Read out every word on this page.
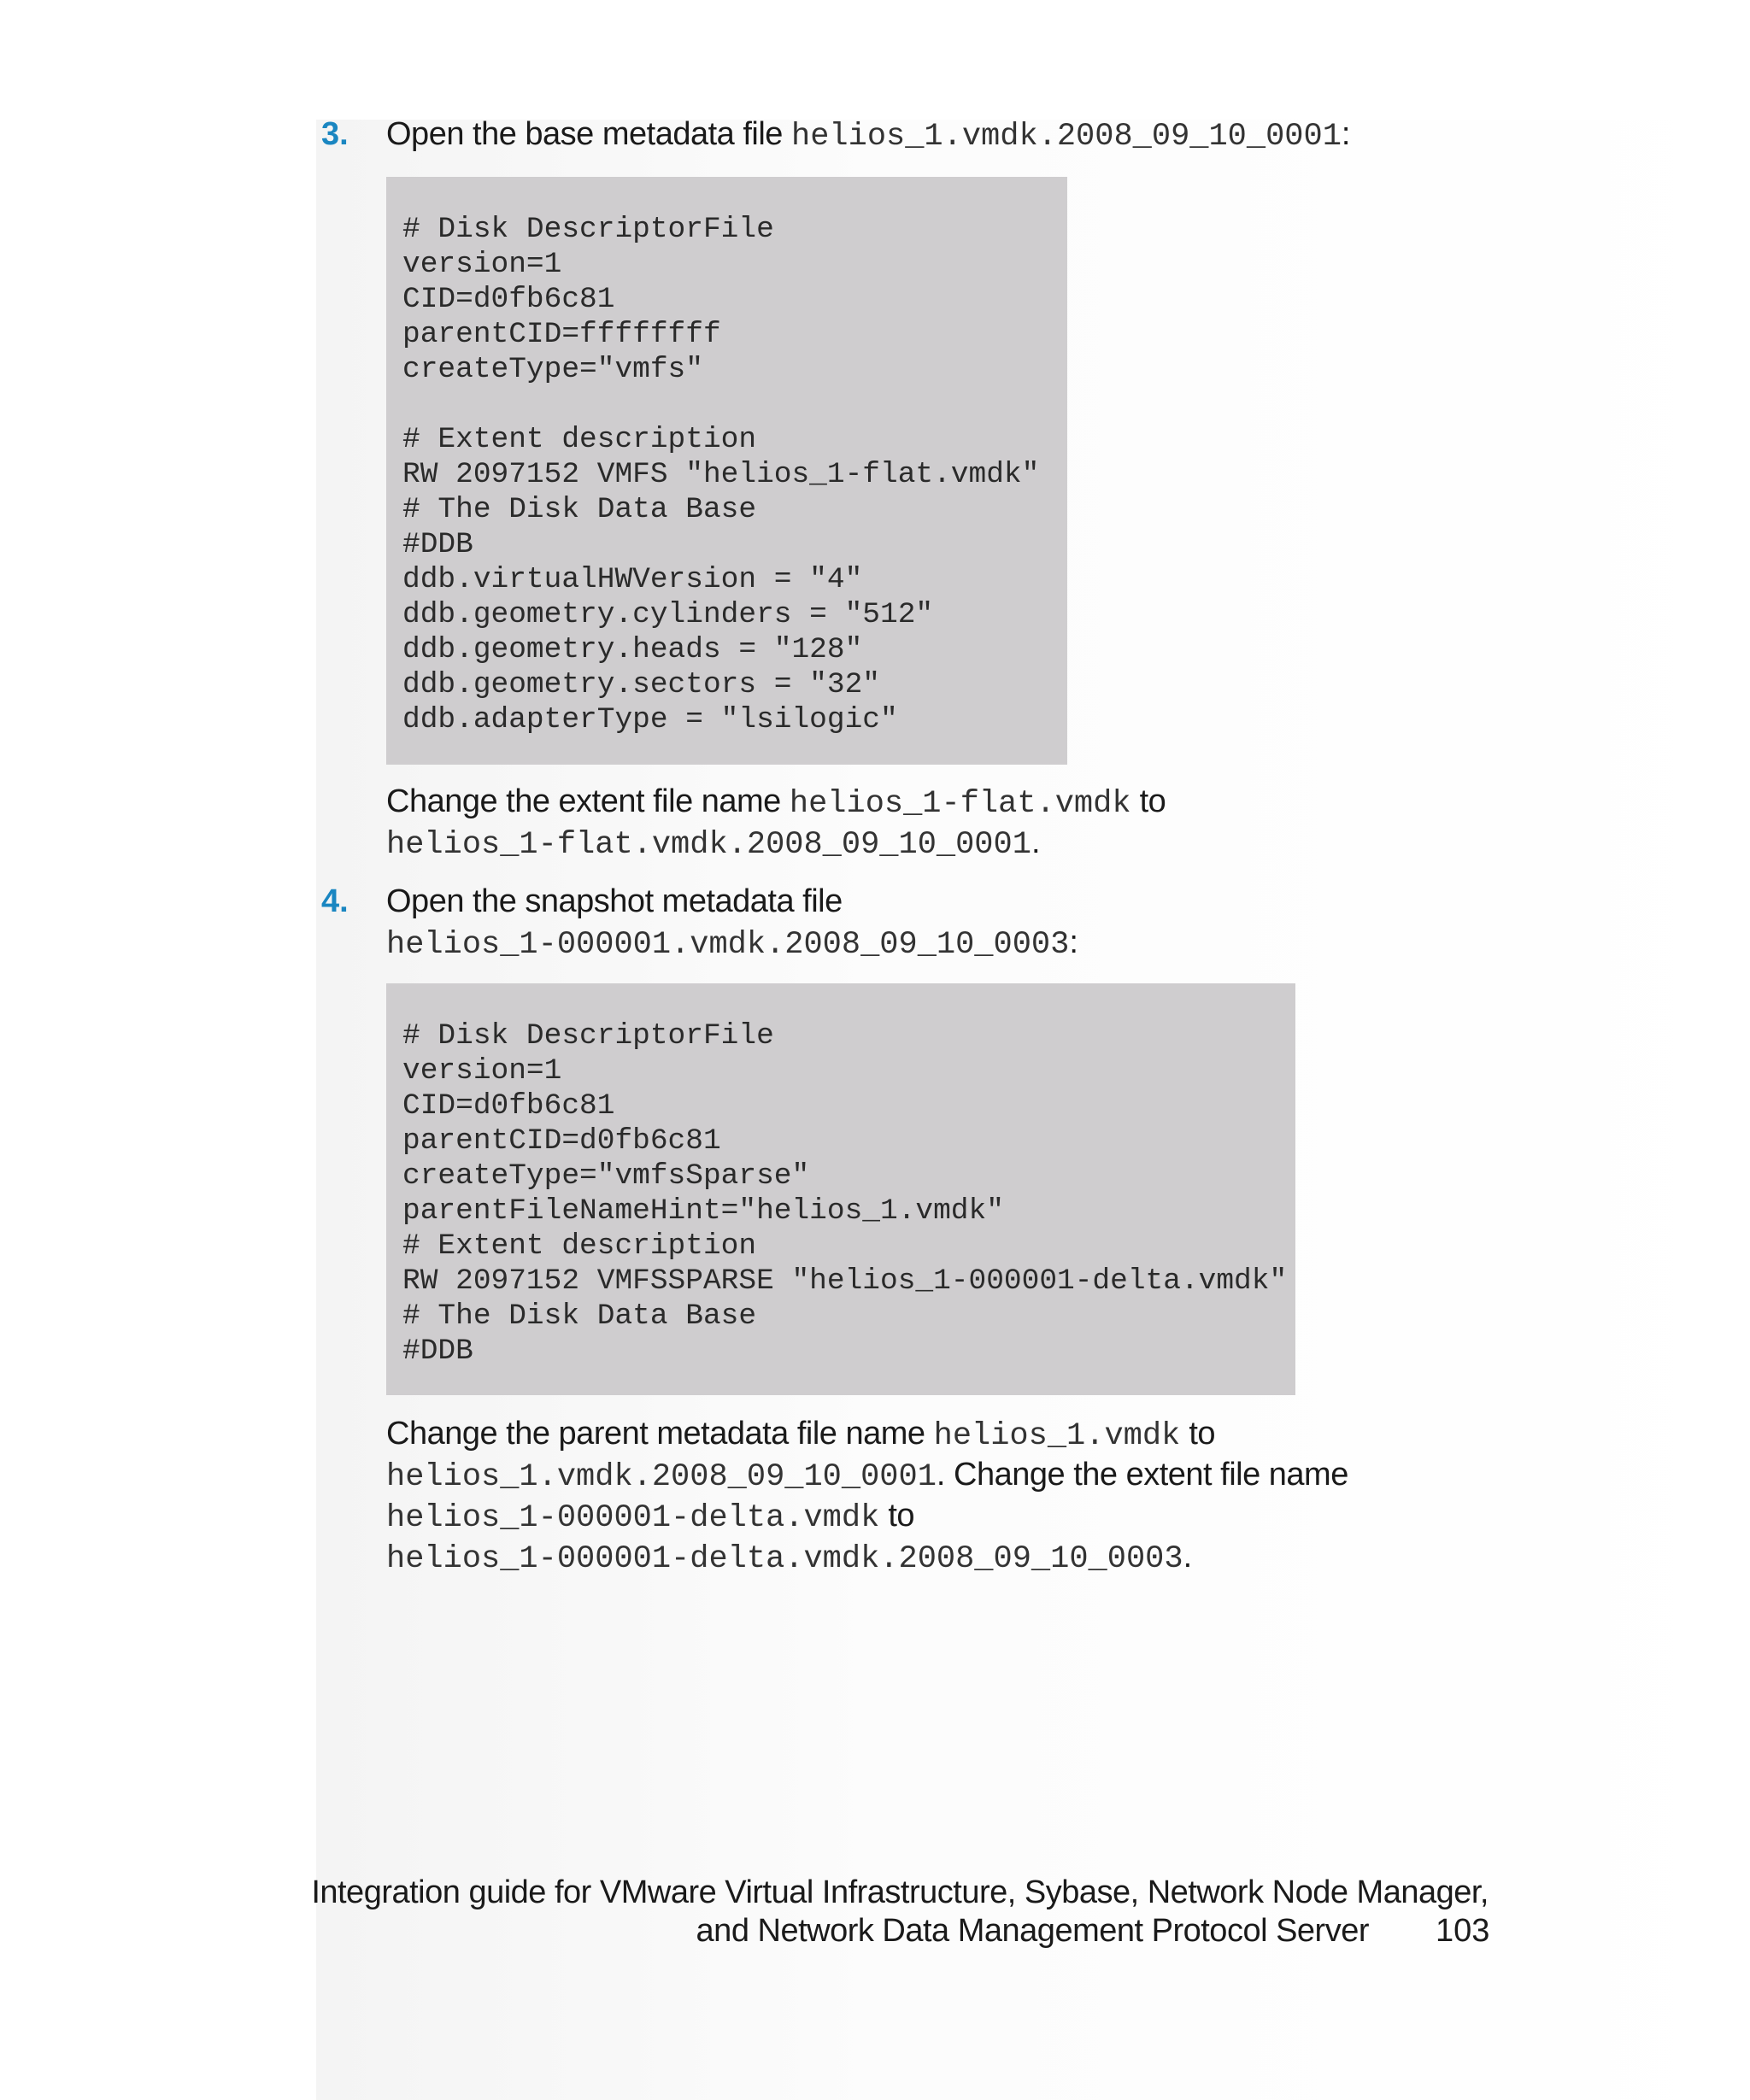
3. Open the base metadata file helios_1.vmdk.2008_09_10_0001:
# Disk DescriptorFile
version=1
CID=d0fb6c81
parentCID=ffffffff
createType="vmfs"
# Extent description
RW 2097152 VMFS "helios_1-flat.vmdk"
# The Disk Data Base
#DDB
ddb.virtualHWVersion = "4"
ddb.geometry.cylinders = "512"
ddb.geometry.heads = "128"
ddb.geometry.sectors = "32"
ddb.adapterType = "lsilogic"
Change the extent file name helios_1-flat.vmdk to
helios_1-flat.vmdk.2008_09_10_0001.
4. Open the snapshot metadata file
helios_1-000001.vmdk.2008_09_10_0003:
# Disk DescriptorFile
version=1
CID=d0fb6c81
parentCID=d0fb6c81
createType="vmfsSparse"
parentFileNameHint="helios_1.vmdk"
# Extent description
RW 2097152 VMFSSPARSE "helios_1-000001-delta.vmdk"
# The Disk Data Base
#DDB
Change the parent metadata file name helios_1.vmdk to
helios_1.vmdk.2008_09_10_0001. Change the extent file name
helios_1-000001-delta.vmdk to
helios_1-000001-delta.vmdk.2008_09_10_0003.
Integration guide for VMware Virtual Infrastructure, Sybase, Network Node Manager,
and Network Data Management Protocol Server 103
